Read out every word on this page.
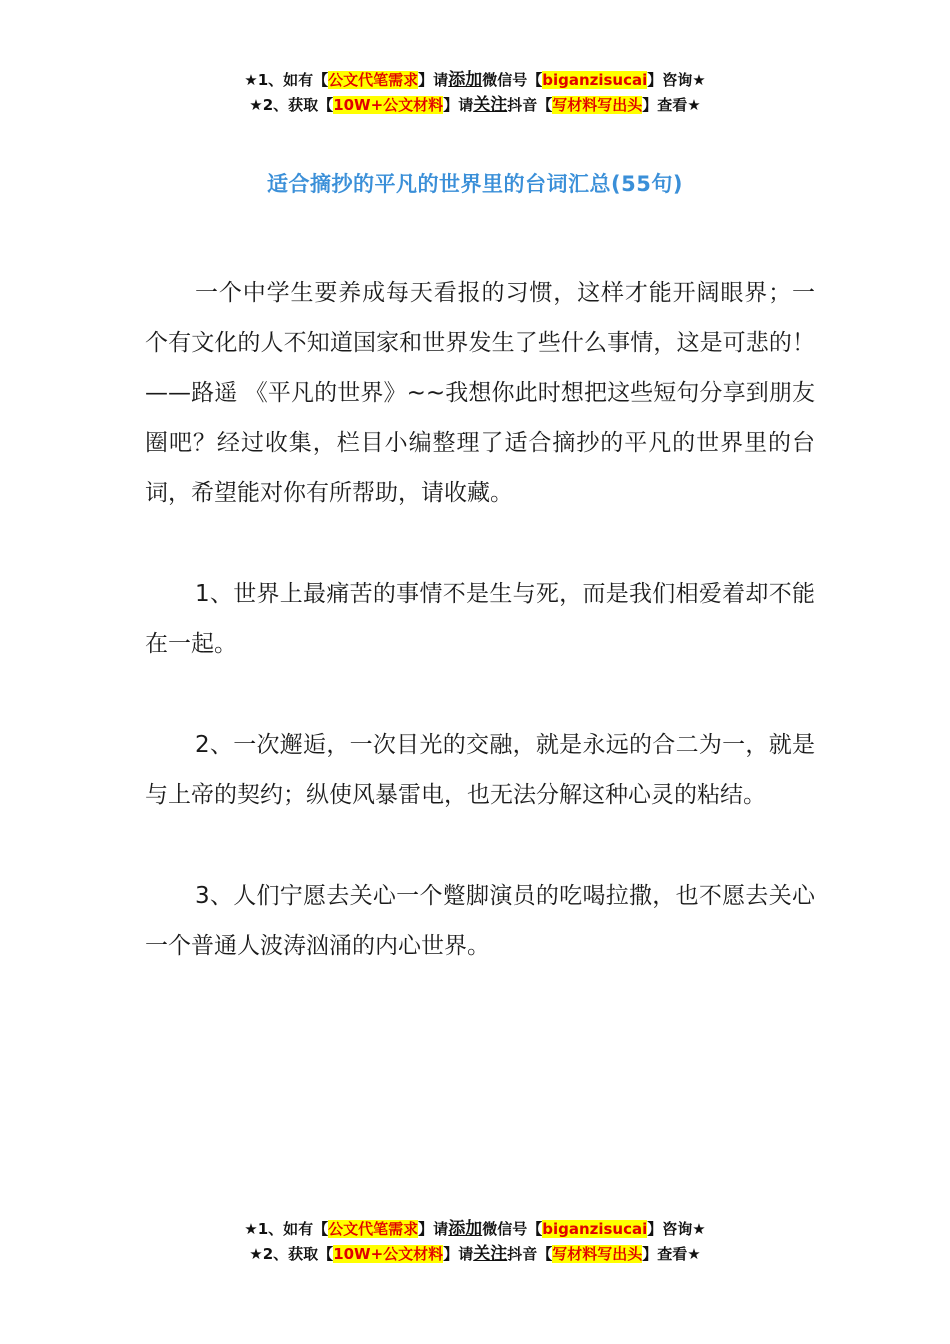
★1、如有【公文代笔需求】请添加微信号【biganzisucai】咨询★
★2、获取【10W+公文材料】请关注抖音【写材料写出头】查看★
适合摘抄的平凡的世界里的台词汇总(55句)

一个中学生要养成每天看报的习惯，这样才能开阔眼界；一个有文化的人不知道国家和世界发生了些什么事情，这是可悲的！ ——路遥 《平凡的世界》~~我想你此时想把这些短句分享到朋友圈吧？经过收集，栏目小编整理了适合摘抄的平凡的世界里的台词，希望能对你有所帮助，请收藏。

1、世界上最痛苦的事情不是生与死，而是我们相爱着却不能在一起。

2、一次邂逅，一次目光的交融，就是永远的合二为一，就是与上帝的契约；纵使风暴雷电，也无法分解这种心灵的粘结。

3、人们宁愿去关心一个蹩脚演员的吃喝拉撒，也不愿去关心一个普通人波涛汹涌的内心世界。

★1、如有【公文代笔需求】请添加微信号【biganzisucai】咨询★
★2、获取【10W+公文材料】请关注抖音【写材料写出头】查看★
